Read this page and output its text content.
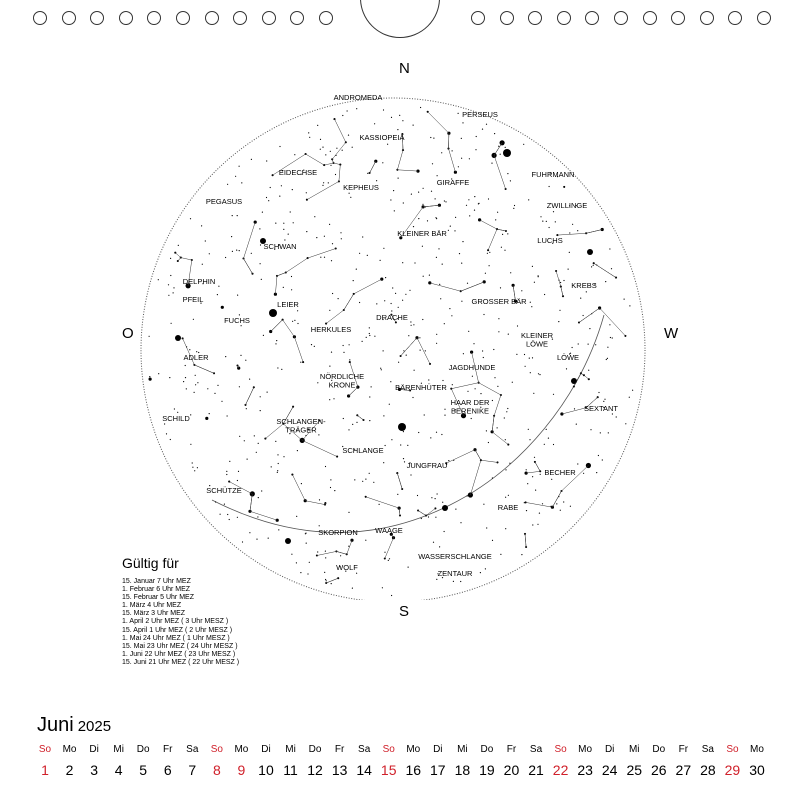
ANDROMEDA
PERSEUS
KASSIOPEIA
FUHRMANN
EIDECHSE
GIRAFFE
KEPHEUS
ZWILLINGE
PEGASUS
KLEINER BÄR
LUCHS
SCHWAN
DELPHIN	KREBS
PFEIL
LEIER	GROSSER BÄR
FUCHS	DRACHE
HERKULES
KLEINER LÖWE
ADLER	LÖWE
NÖRDLICHE KRONE
JAGDHUNDE
BÄRENHÜTER
HAAR DER BERENIKE	SEXTANT
SCHILD	SCHLANGEN-TRÄGER
SCHLANGE
JUNGFRAU
BECHER
SCHÜTZE
RABE
SKORPION WAAGE
WASSERSCHLANGE
WOLF
ZENTAUR
N
S
O	W
Gültig für
15. Januar 7 Uhr MEZ
1. Februar 6 Uhr MEZ
15. Februar 5 Uhr MEZ
1. März 4 Uhr MEZ
15. März 3 Uhr MEZ
1. April 2 Uhr MEZ ( 3 Uhr MESZ )
15. April 1 Uhr MEZ ( 2 Uhr MESZ )
1. Mai 24 Uhr MEZ ( 1 Uhr MESZ )
15. Mai 23 Uhr MEZ ( 24 Uhr MESZ )
1. Juni 22 Uhr MEZ ( 23 Uhr MESZ )
15. Juni 21 Uhr MEZ ( 22 Uhr MESZ )
Juni 2025
So	Mo	Di	Mi	Do	Fr	Sa	So	Mo	Di	Mi	Do	Fr	Sa	So	Mo	Di	Mi	Do	Fr	Sa	So	Mo	Di	Mi	Do	Fr	Sa	So	Mo
1	2	3	4	5	6	7	8	9 10 11 12 13 14 15 16 17 18 19 20 21 22 23 24 25 26 27 28 29 30
